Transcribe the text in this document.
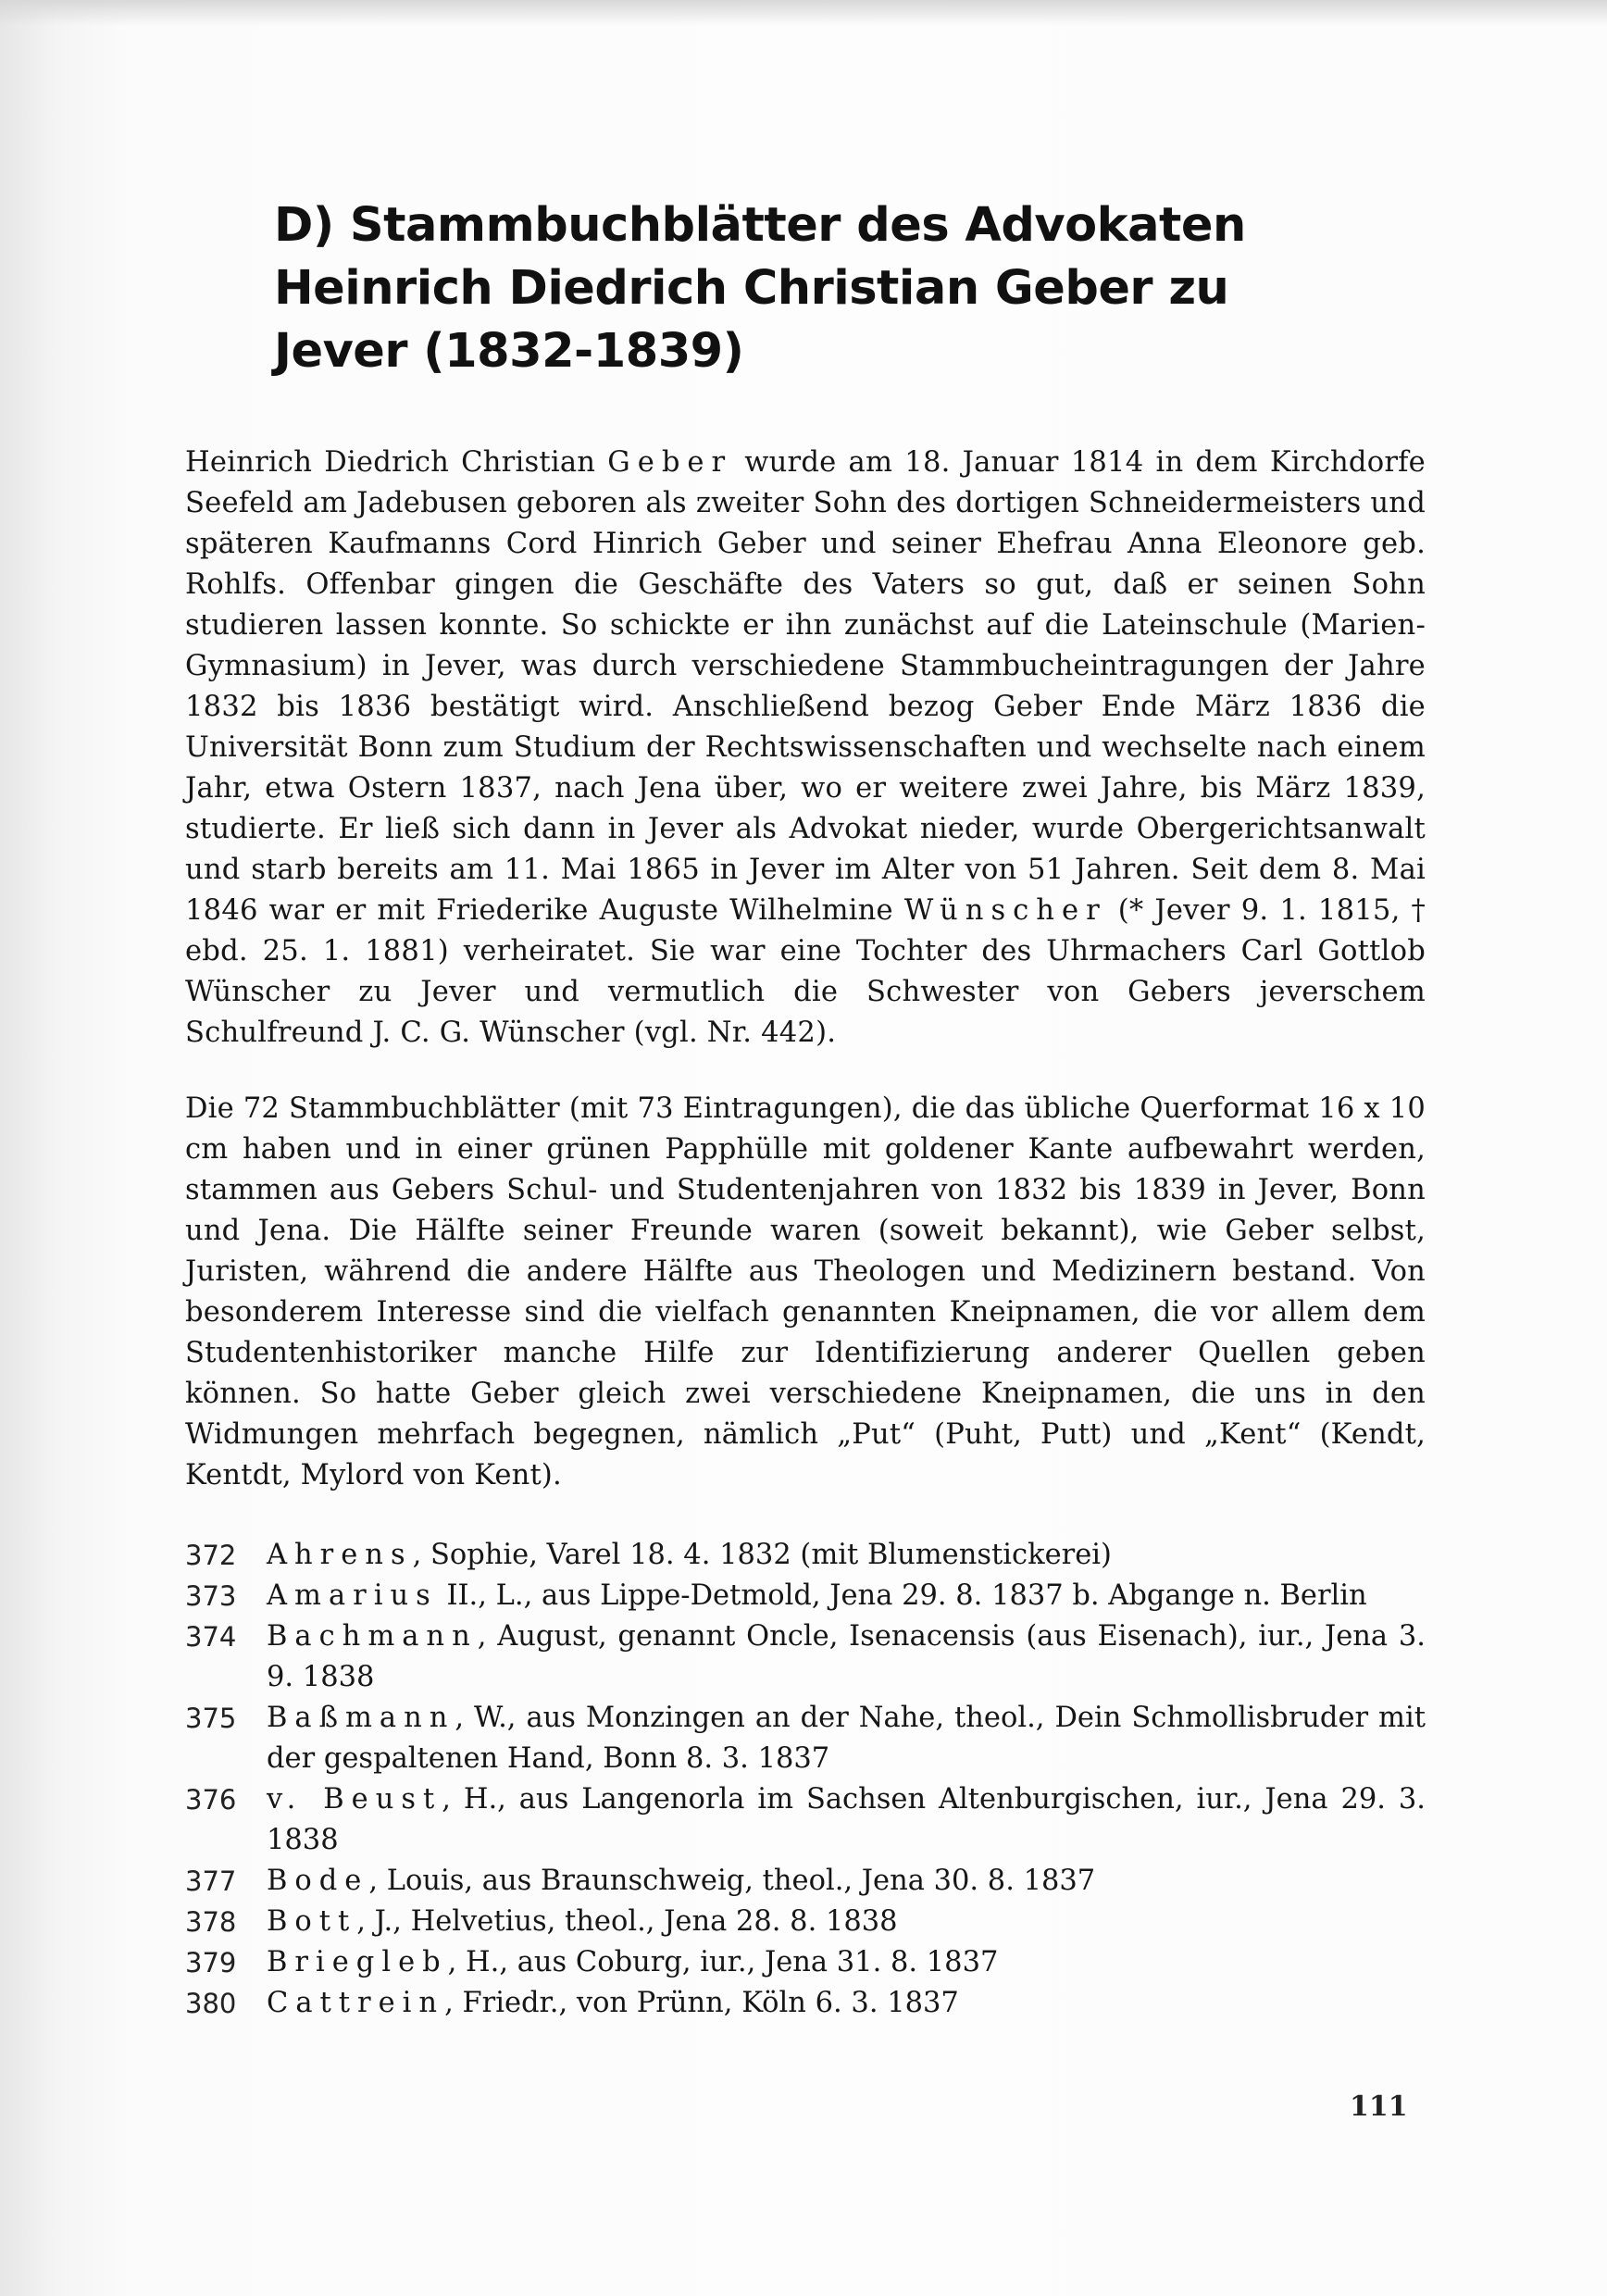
D) Stammbuchblätter des Advokaten Heinrich Diedrich Christian Geber zu Jever (1832-1839)

Heinrich Diedrich Christian Geber wurde am 18. Januar 1814 in dem Kirchdorfe Seefeld am Jadebusen geboren als zweiter Sohn des dortigen Schneidermeisters und späteren Kaufmanns Cord Hinrich Geber und seiner Ehefrau Anna Eleonore geb. Rohlfs. Offenbar gingen die Geschäfte des Vaters so gut, daß er seinen Sohn studieren lassen konnte. So schickte er ihn zunächst auf die Lateinschule (Marien-Gymnasium) in Jever, was durch verschiedene Stammbucheintragungen der Jahre 1832 bis 1836 bestätigt wird. Anschließend bezog Geber Ende März 1836 die Universität Bonn zum Studium der Rechtswissenschaften und wechselte nach einem Jahr, etwa Ostern 1837, nach Jena über, wo er weitere zwei Jahre, bis März 1839, studierte. Er ließ sich dann in Jever als Advokat nieder, wurde Obergerichtsanwalt und starb bereits am 11. Mai 1865 in Jever im Alter von 51 Jahren. Seit dem 8. Mai 1846 war er mit Friederike Auguste Wilhelmine Wünscher (* Jever 9. 1. 1815, † ebd. 25. 1. 1881) verheiratet. Sie war eine Tochter des Uhrmachers Carl Gottlob Wünscher zu Jever und vermutlich die Schwester von Gebers jeverschem Schulfreund J. C. G. Wünscher (vgl. Nr. 442).

Die 72 Stammbuchblätter (mit 73 Eintragungen), die das übliche Querformat 16 x 10 cm haben und in einer grünen Papphülle mit goldener Kante aufbewahrt werden, stammen aus Gebers Schul- und Studentenjahren von 1832 bis 1839 in Jever, Bonn und Jena. Die Hälfte seiner Freunde waren (soweit bekannt), wie Geber selbst, Juristen, während die andere Hälfte aus Theologen und Medizinern bestand. Von besonderem Interesse sind die vielfach genannten Kneipnamen, die vor allem dem Studentenhistoriker manche Hilfe zur Identifizierung anderer Quellen geben können. So hatte Geber gleich zwei verschiedene Kneipnamen, die uns in den Widmungen mehrfach begegnen, nämlich „Put“ (Puht, Putt) und „Kent“ (Kendt, Kentdt, Mylord von Kent).

372	Ahrens, Sophie, Varel 18. 4. 1832 (mit Blumenstickerei)
373	Amarius II., L., aus Lippe-Detmold, Jena 29. 8. 1837 b. Abgange n. Berlin
374	Bachmann, August, genannt Oncle, Isenacensis (aus Eisenach), iur., Jena 3. 9. 1838
375	Baßmann, W., aus Monzingen an der Nahe, theol., Dein Schmollisbruder mit der gespaltenen Hand, Bonn 8. 3. 1837
376	v. Beust, H., aus Langenorla im Sachsen Altenburgischen, iur., Jena 29. 3. 1838
377	Bode, Louis, aus Braunschweig, theol., Jena 30. 8. 1837
378	Bott, J., Helvetius, theol., Jena 28. 8. 1838
379	Briegleb, H., aus Coburg, iur., Jena 31. 8. 1837
380	Cattrein, Friedr., von Prünn, Köln 6. 3. 1837
111
